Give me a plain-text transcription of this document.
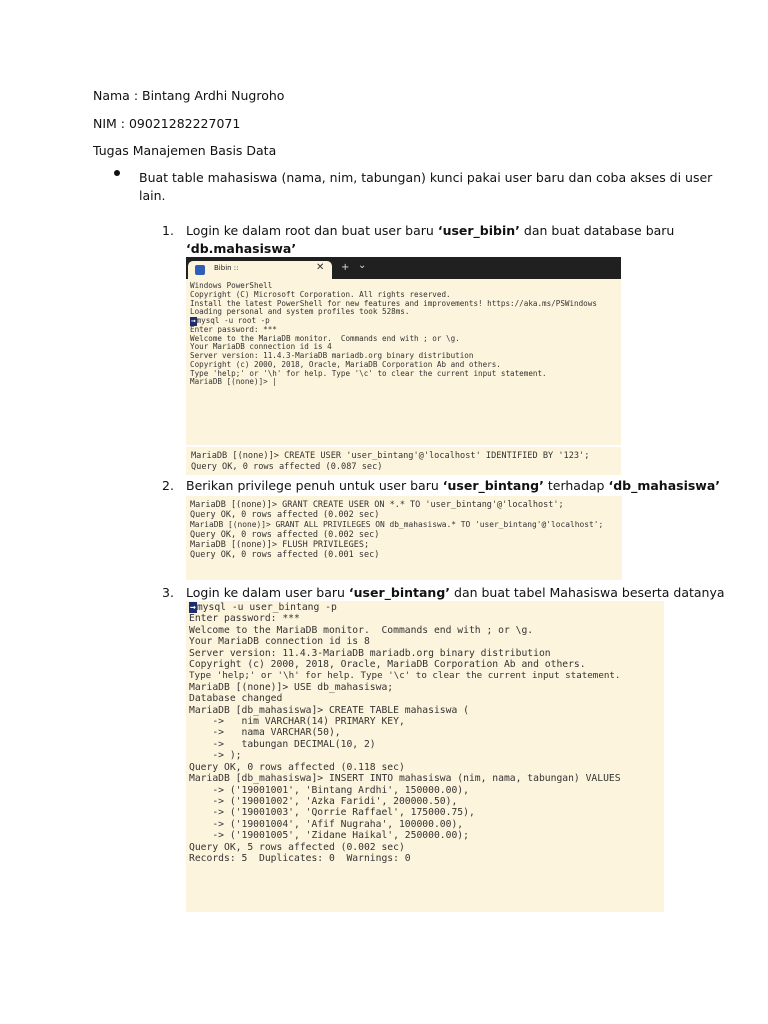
Nama : Bintang Ardhi Nugroho
NIM : 09021282227071
Tugas Manajemen Basis Data
Buat table mahasiswa (nama, nim, tabungan) kunci pakai user baru dan coba akses di user
lain.
1. Login ke dalam root dan buat user baru ‘user_bibin’ dan buat database baru
‘db.mahasiswa’
Bibin ::	✕ + ⌄
Windows PowerShell
Copyright (C) Microsoft Corporation. All rights reserved.
Install the latest PowerShell for new features and improvements! https://aka.ms/PSWindows
Loading personal and system profiles took 528ms.
→mysql -u root -p
Enter password: ***
Welcome to the MariaDB monitor.  Commands end with ; or \g.
Your MariaDB connection id is 4
Server version: 11.4.3-MariaDB mariadb.org binary distribution
Copyright (c) 2000, 2018, Oracle, MariaDB Corporation Ab and others.
Type 'help;' or '\h' for help. Type '\c' to clear the current input statement.
MariaDB [(none)]> |
MariaDB [(none)]> CREATE USER 'user_bintang'@'localhost' IDENTIFIED BY '123';
Query OK, 0 rows affected (0.087 sec)
2. Berikan privilege penuh untuk user baru ‘user_bintang’ terhadap ‘db_mahasiswa’
MariaDB [(none)]> GRANT CREATE USER ON *.* TO 'user_bintang'@'localhost';
Query OK, 0 rows affected (0.002 sec)
MariaDB [(none)]> GRANT ALL PRIVILEGES ON db_mahasiswa.* TO 'user_bintang'@'localhost';
Query OK, 0 rows affected (0.002 sec)
MariaDB [(none)]> FLUSH PRIVILEGES;
Query OK, 0 rows affected (0.001 sec)
3. Login ke dalam user baru ‘user_bintang’ dan buat tabel Mahasiswa beserta datanya
→mysql -u user_bintang -p
Enter password: ***
Welcome to the MariaDB monitor.  Commands end with ; or \g.
Your MariaDB connection id is 8
Server version: 11.4.3-MariaDB mariadb.org binary distribution
Copyright (c) 2000, 2018, Oracle, MariaDB Corporation Ab and others.
Type 'help;' or '\h' for help. Type '\c' to clear the current input statement.
MariaDB [(none)]> USE db_mahasiswa;
Database changed
MariaDB [db_mahasiswa]> CREATE TABLE mahasiswa (
->   nim VARCHAR(14) PRIMARY KEY,
->   nama VARCHAR(50),
->   tabungan DECIMAL(10, 2)
-> );
Query OK, 0 rows affected (0.118 sec)
MariaDB [db_mahasiswa]> INSERT INTO mahasiswa (nim, nama, tabungan) VALUES
-> ('19001001', 'Bintang Ardhi', 150000.00),
-> ('19001002', 'Azka Faridi', 200000.50),
-> ('19001003', 'Qorrie Raffael', 175000.75),
-> ('19001004', 'Afif Nugraha', 100000.00),
-> ('19001005', 'Zidane Haikal', 250000.00);
Query OK, 5 rows affected (0.002 sec)
Records: 5  Duplicates: 0  Warnings: 0
